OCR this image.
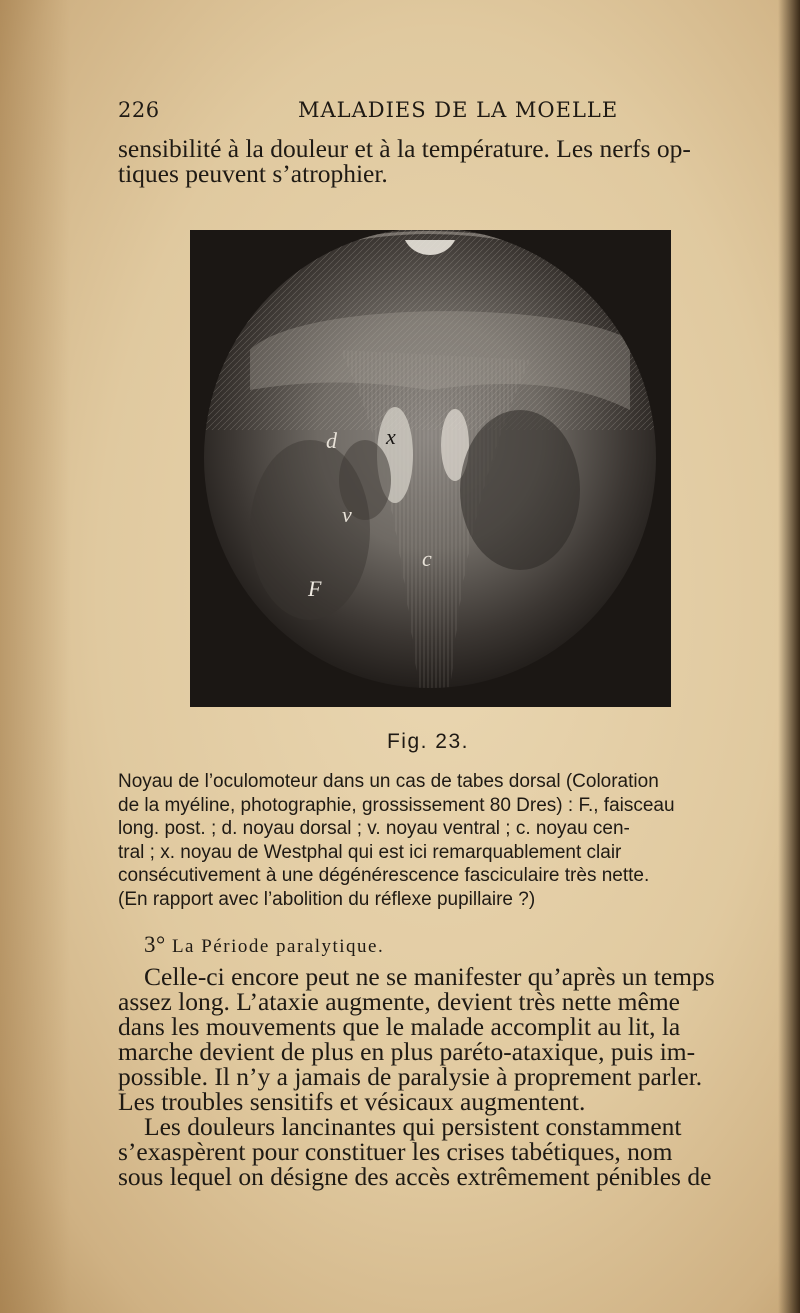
226	MALADIES DE LA MOELLE
sensibilité à la douleur et à la température. Les nerfs op-
tiques peuvent s’atrophier.
d x
v
c
F
Fig. 23.
Noyau de l’oculomoteur dans un cas de tabes dorsal (Coloration
de la myéline, photographie, grossissement 80 Dres) : F., faisceau
long. post. ; d. noyau dorsal ; v. noyau ventral ; c. noyau cen-
tral ; x. noyau de Westphal qui est ici remarquablement clair
consécutivement à une dégénérescence fasciculaire très nette.
(En rapport avec l’abolition du réflexe pupillaire ?)
3° La Période paralytique.
Celle-ci encore peut ne se manifester qu’après un temps
assez long. L’ataxie augmente, devient très nette même
dans les mouvements que le malade accomplit au lit, la
marche devient de plus en plus paréto-ataxique, puis im-
possible. Il n’y a jamais de paralysie à proprement parler.
Les troubles sensitifs et vésicaux augmentent.
Les douleurs lancinantes qui persistent constamment
s’exaspèrent pour constituer les crises tabétiques, nom
sous lequel on désigne des accès extrêmement pénibles de
